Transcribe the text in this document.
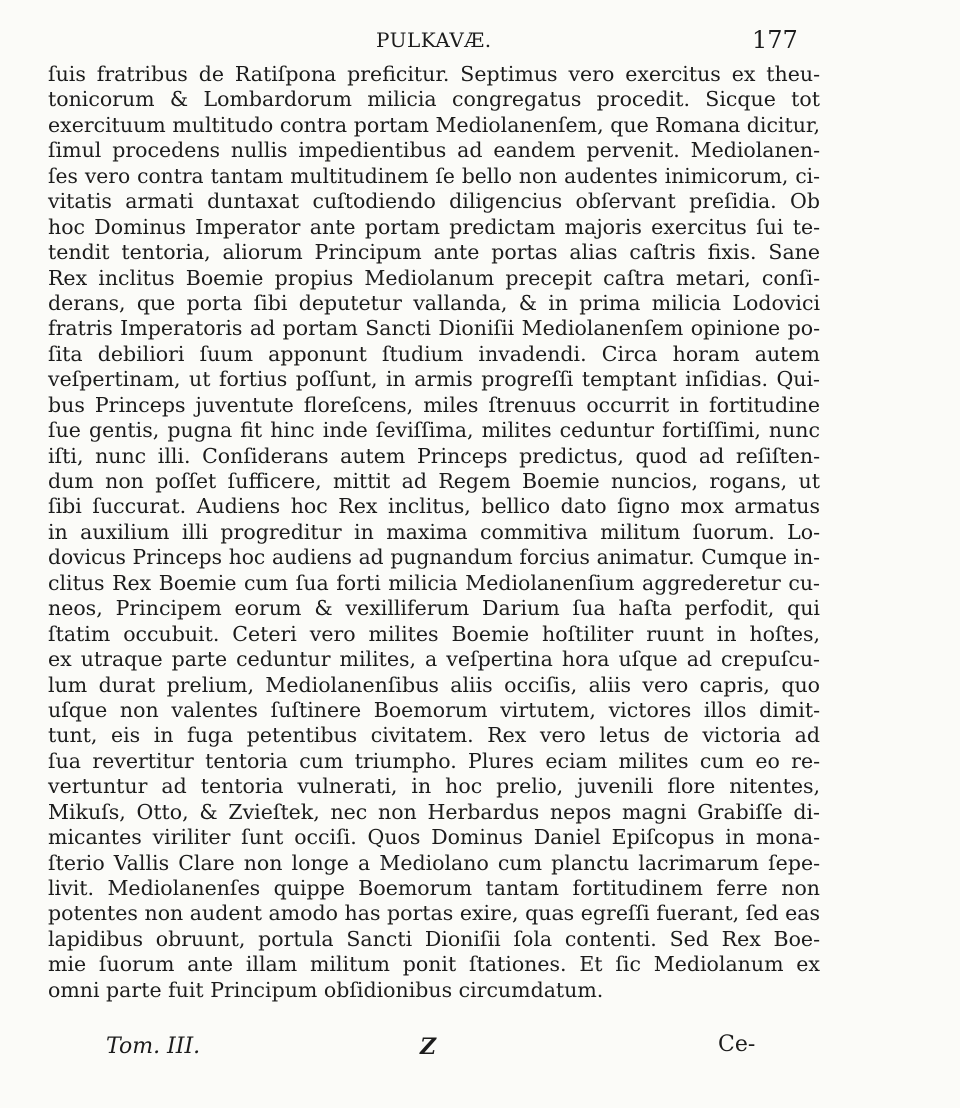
PULKAVÆ.	177
ſuis fratribus de Ratiſpona preficitur. Septimus vero exercitus ex theu-
tonicorum & Lombardorum milicia congregatus procedit. Sicque tot
exercituum multitudo contra portam Mediolanenſem, que Romana dicitur,
ſimul procedens nullis impedientibus ad eandem pervenit. Mediolanen-
ſes vero contra tantam multitudinem ſe bello non audentes inimicorum, ci-
vitatis armati duntaxat cuſtodiendo diligencius obſervant preſidia. Ob
hoc Dominus Imperator ante portam predictam majoris exercitus ſui te-
tendit tentoria, aliorum Principum ante portas alias caſtris fixis. Sane
Rex inclitus Boemie propius Mediolanum precepit caſtra metari, conſi-
derans, que porta ſibi deputetur vallanda, & in prima milicia Lodovici
fratris Imperatoris ad portam Sancti Dioniſii Mediolanenſem opinione po-
ſita debiliori ſuum apponunt ſtudium invadendi. Circa horam autem
veſpertinam, ut fortius poſſunt, in armis progreſſi temptant inſidias. Qui-
bus Princeps juventute floreſcens, miles ſtrenuus occurrit in fortitudine
ſue gentis, pugna fit hinc inde ſeviſſima, milites ceduntur fortiſſimi, nunc
iſti, nunc illi. Conſiderans autem Princeps predictus, quod ad reſiſten-
dum non poſſet ſufficere, mittit ad Regem Boemie nuncios, rogans, ut
ſibi ſuccurat. Audiens hoc Rex inclitus, bellico dato ſigno mox armatus
in auxilium illi progreditur in maxima commitiva militum ſuorum. Lo-
dovicus Princeps hoc audiens ad pugnandum forcius animatur. Cumque in-
clitus Rex Boemie cum ſua forti milicia Mediolanenſium aggrederetur cu-
neos, Principem eorum & vexilliferum Darium ſua haſta perfodit, qui
ſtatim occubuit. Ceteri vero milites Boemie hoſtiliter ruunt in hoſtes,
ex utraque parte ceduntur milites, a veſpertina hora uſque ad crepuſcu-
lum durat prelium, Mediolanenſibus aliis occiſis, aliis vero capris, quo
uſque non valentes ſuſtinere Boemorum virtutem, victores illos dimit-
tunt, eis in fuga petentibus civitatem. Rex vero letus de victoria ad
ſua revertitur tentoria cum triumpho. Plures eciam milites cum eo re-
vertuntur ad tentoria vulnerati, in hoc prelio, juvenili flore nitentes,
Mikuſs, Otto, & Zvieſtek, nec non Herbardus nepos magni Grabiſſe di-
micantes viriliter ſunt occiſi. Quos Dominus Daniel Epiſcopus in mona-
ſterio Vallis Clare non longe a Mediolano cum planctu lacrimarum ſepe-
livit. Mediolanenſes quippe Boemorum tantam fortitudinem ferre non
potentes non audent amodo has portas exire, quas egreſſi fuerant, ſed eas
lapidibus obruunt, portula Sancti Dioniſii ſola contenti. Sed Rex Boe-
mie ſuorum ante illam militum ponit ſtationes. Et ſic Mediolanum ex
omni parte fuit Principum obſidionibus circumdatum.
Tom. III.	Z	Ce-
